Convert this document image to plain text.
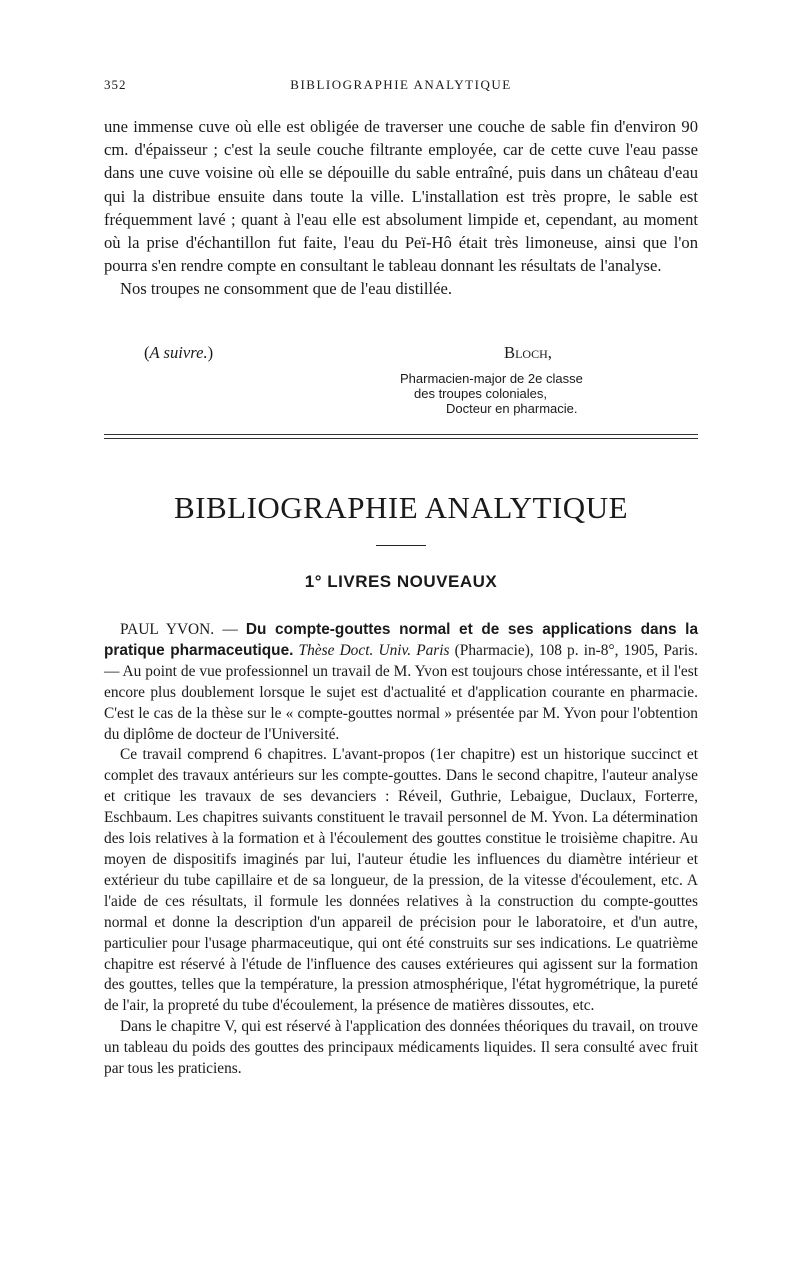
352	BIBLIOGRAPHIE ANALYTIQUE

une immense cuve où elle est obligée de traverser une couche de sable fin d'environ 90 cm. d'épaisseur ; c'est la seule couche filtrante employée, car de cette cuve l'eau passe dans une cuve voisine où elle se dépouille du sable entraîné, puis dans un château d'eau qui la distribue ensuite dans toute la ville. L'installation est très propre, le sable est fréquemment lavé ; quant à l'eau elle est absolument limpide et, cependant, au moment où la prise d'échantillon fut faite, l'eau du Peï-Hô était très limoneuse, ainsi que l'on pourra s'en rendre compte en consultant le tableau donnant les résultats de l'analyse.

Nos troupes ne consomment que de l'eau distillée.

(A suivre.)	Bloch,
Pharmacien-major de 2e classe
des troupes coloniales,
Docteur en pharmacie.
BIBLIOGRAPHIE ANALYTIQUE
1° LIVRES NOUVEAUX

PAUL YVON. — Du compte-gouttes normal et de ses applications dans la pratique pharmaceutique. Thèse Doct. Univ. Paris (Pharmacie), 108 p. in-8°, 1905, Paris. — Au point de vue professionnel un travail de M. Yvon est toujours chose intéressante, et il l'est encore plus doublement lorsque le sujet est d'actualité et d'application courante en pharmacie. C'est le cas de la thèse sur le « compte-gouttes normal » présentée par M. Yvon pour l'obtention du diplôme de docteur de l'Université.

Ce travail comprend 6 chapitres. L'avant-propos (1er chapitre) est un historique succinct et complet des travaux antérieurs sur les compte-gouttes. Dans le second chapitre, l'auteur analyse et critique les travaux de ses devanciers : Réveil, Guthrie, Lebaigue, Duclaux, Forterre, Eschbaum. Les chapitres suivants constituent le travail personnel de M. Yvon. La détermination des lois relatives à la formation et à l'écoulement des gouttes constitue le troisième chapitre. Au moyen de dispositifs imaginés par lui, l'auteur étudie les influences du diamètre intérieur et extérieur du tube capillaire et de sa longueur, de la pression, de la vitesse d'écoulement, etc. A l'aide de ces résultats, il formule les données relatives à la construction du compte-gouttes normal et donne la description d'un appareil de précision pour le laboratoire, et d'un autre, particulier pour l'usage pharmaceutique, qui ont été construits sur ses indications. Le quatrième chapitre est réservé à l'étude de l'influence des causes extérieures qui agissent sur la formation des gouttes, telles que la température, la pression atmosphérique, l'état hygrométrique, la pureté de l'air, la propreté du tube d'écoulement, la présence de matières dissoutes, etc.

Dans le chapitre V, qui est réservé à l'application des données théoriques du travail, on trouve un tableau du poids des gouttes des principaux médicaments liquides. Il sera consulté avec fruit par tous les praticiens.
